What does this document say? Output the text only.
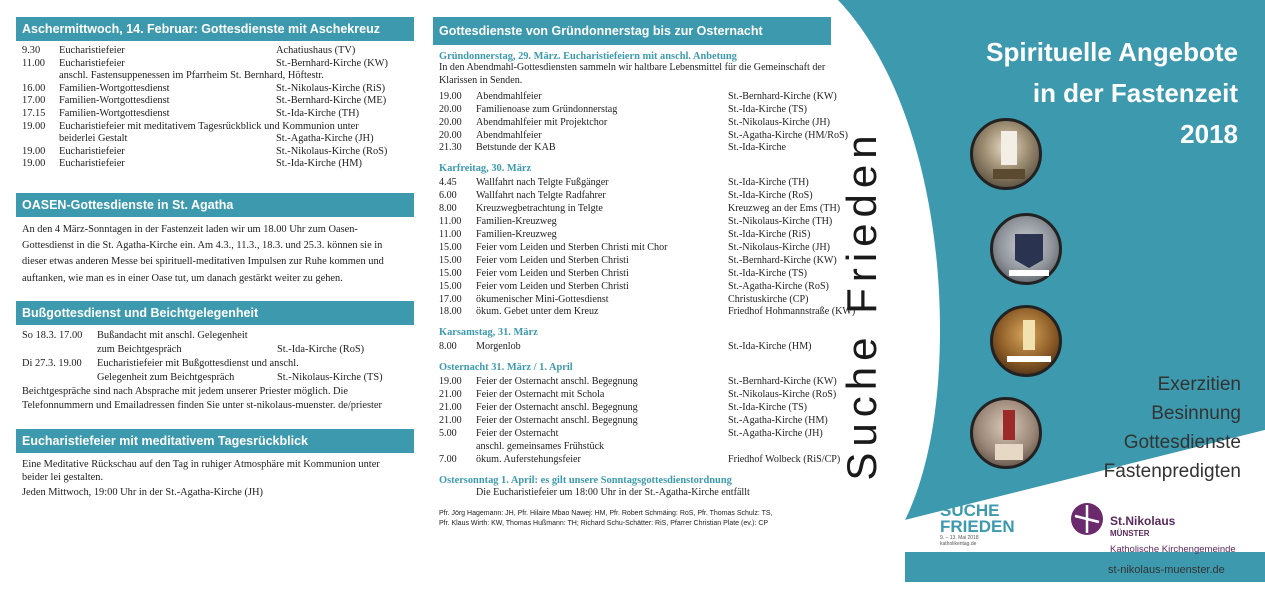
Aschermittwoch, 14. Februar: Gottesdienste mit Aschekreuz
9.30	Eucharistiefeier	Achatiushaus (TV)
11.00	Eucharistiefeier	St.-Bernhard-Kirche (KW)
anschl. Fastensuppenessen im Pfarrheim St. Bernhard, Höftestr.
16.00	Familien-Wortgottesdienst	St.-Nikolaus-Kirche (RiS)
17.00	Familien-Wortgottesdienst	St.-Bernhard-Kirche (ME)
17.15	Familien-Wortgottesdienst	St.-Ida-Kirche (TH)
19.00	Eucharistiefeier mit meditativem Tagesrückblick und Kommunion unter
beiderlei Gestalt	St.-Agatha-Kirche (JH)
19.00	Eucharistiefeier	St.-Nikolaus-Kirche (RoS)
19.00	Eucharistiefeier	St.-Ida-Kirche (HM)
OASEN-Gottesdienste in St. Agatha
An den 4 März-Sonntagen in der Fastenzeit laden wir um 18.00 Uhr zum Oasen-Gottesdienst in die St. Agatha-Kirche ein. Am 4.3., 11.3., 18.3. und 25.3. können sie in dieser etwas anderen Messe bei spirituell-meditativen Impulsen zur Ruhe kommen und auftanken, wie man es in einer Oase tut, um danach gestärkt weiter zu gehen.
Bußgottesdienst und Beichtgelegenheit
So 18.3. 17.00	Bußandacht mit anschl. Gelegenheit
zum Beichtgespräch	St.-Ida-Kirche (RoS)
Di 27.3. 19.00	Eucharistiefeier mit Bußgottesdienst und anschl.
Gelegenheit zum Beichtgespräch	St.-Nikolaus-Kirche (TS)
Beichtgespräche sind nach Absprache mit jedem unserer Priester möglich. Die Telefonnummern und Emailadressen finden Sie unter st-nikolaus-muenster. de/priester
Eucharistiefeier mit meditativem Tagesrückblick
Eine Meditative Rückschau auf den Tag in ruhiger Atmosphäre mit Kommunion unter beider lei gestalten.
Jeden Mittwoch, 19:00 Uhr in der St.-Agatha-Kirche (JH)
Gottesdienste von Gründonnerstag bis zur Osternacht
Gründonnerstag, 29. März. Eucharistiefeiern mit anschl. Anbetung
In den Abendmahl-Gottesdiensten sammeln wir haltbare Lebensmittel für die Gemeinschaft der Klarissen in Senden.
19.00	Abendmahlfeier	St.-Bernhard-Kirche (KW)
20.00	Familienoase zum Gründonnerstag	St.-Ida-Kirche (TS)
20.00	Abendmahlfeier mit Projektchor	St.-Nikolaus-Kirche (JH)
20.00	Abendmahlfeier	St.-Agatha-Kirche (HM/RoS)
21.30	Betstunde der KAB	St.-Ida-Kirche
Karfreitag, 30. März
4.45	Wallfahrt nach Telgte Fußgänger	St.-Ida-Kirche (TH)
6.00	Wallfahrt nach Telgte Radfahrer	St.-Ida-Kirche (RoS)
8.00	Kreuzwegbetrachtung in Telgte	Kreuzweg an der Ems (TH)
11.00	Familien-Kreuzweg	St.-Nikolaus-Kirche (TH)
11.00	Familien-Kreuzweg	St.-Ida-Kirche (RiS)
15.00	Feier vom Leiden und Sterben Christi mit Chor	St.-Nikolaus-Kirche (JH)
15.00	Feier vom Leiden und Sterben Christi	St.-Bernhard-Kirche (KW)
15.00	Feier vom Leiden und Sterben Christi	St.-Ida-Kirche (TS)
15.00	Feier vom Leiden und Sterben Christi	St.-Agatha-Kirche (RoS)
17.00	ökumenischer Mini-Gottesdienst	Christuskirche (CP)
18.00	ökum. Gebet unter dem Kreuz	Friedhof Hohmannstraße (KW)
Karsamstag, 31. März
8.00	Morgenlob	St.-Ida-Kirche (HM)
Osternacht 31. März / 1. April
19.00	Feier der Osternacht anschl. Begegnung	St.-Bernhard-Kirche (KW)
21.00	Feier der Osternacht mit Schola	St.-Nikolaus-Kirche (RoS)
21.00	Feier der Osternacht anschl. Begegnung	St.-Ida-Kirche (TS)
21.00	Feier der Osternacht anschl. Begegnung	St.-Agatha-Kirche (HM)
5.00	Feier der Osternacht	St.-Agatha-Kirche (JH)
anschl. gemeinsames Frühstück
7.00	ökum. Auferstehungsfeier	Friedhof Wolbeck (RiS/CP)
Ostersonntag 1. April: es gilt unsere Sonntagsgottesdienstordnung
Die Eucharistiefeier um 18:00 Uhr in der St.-Agatha-Kirche entfällt
Pfr. Jörg Hagemann: JH, Pfr. Hilaire Mbao Nawej: HM, Pfr. Robert Schmäing: RoS, Pfr. Thomas Schulz: TS,
Pfr. Klaus Wirth: KW, Thomas Hußmann: TH; Richard Schu-Schätter: RiS, Pfarrer Christian Plate (ev.): CP
Suche Frieden
Spirituelle Angebote
in der Fastenzeit
2018
Exerzitien
Besinnung
Gottesdienste
Fastenpredigten
SUCHE
FRIEDEN
9. – 13. Mai 2018
katholikentag.de
St.Nikolaus
MÜNSTER
Katholische Kirchengemeinde
st-nikolaus-muenster.de
